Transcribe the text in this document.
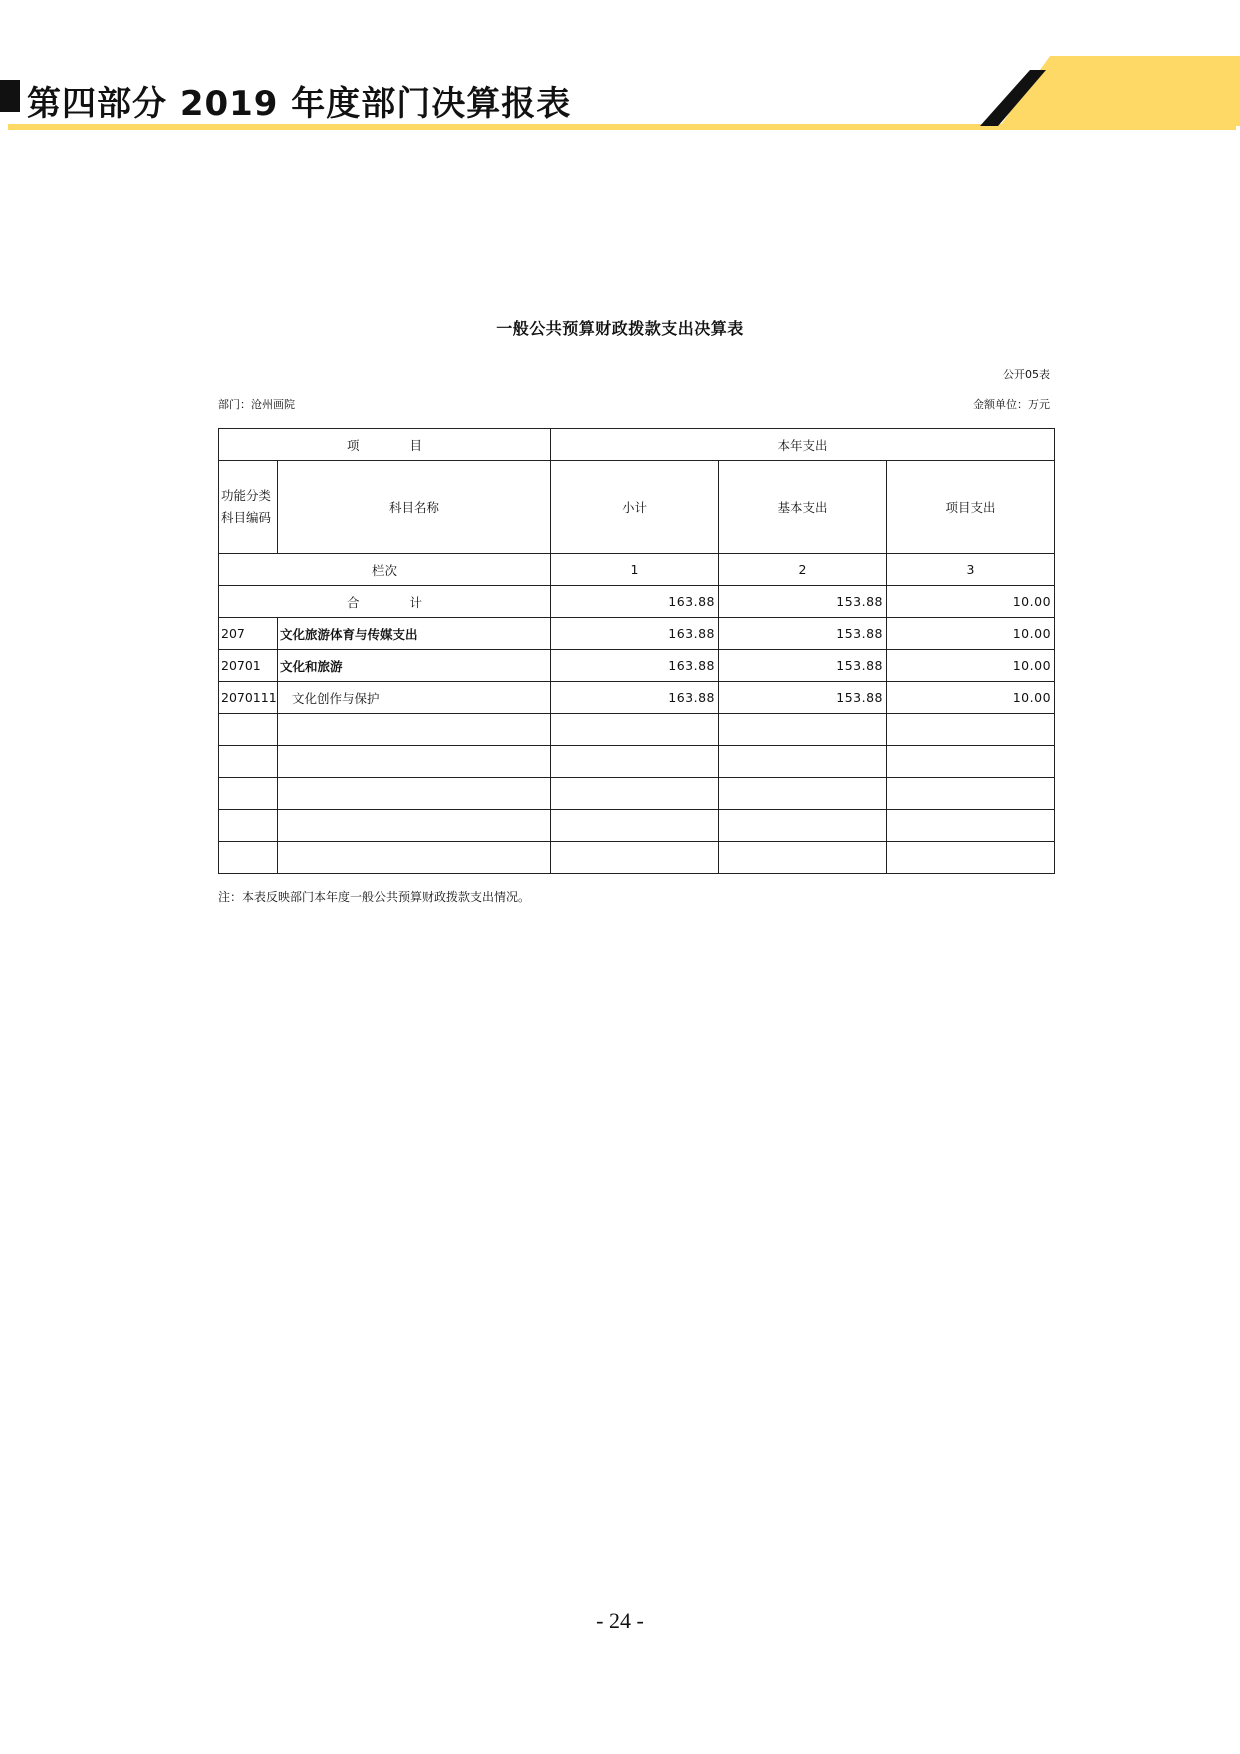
第四部分 2019 年度部门决算报表
一般公共预算财政拨款支出决算表
公开05表
部门：沧州画院	金额单位：万元
项　　　　目		本年支出		

功能分类
科目编码	科目名称	小计	基本支出	项目支出
栏次		1	2	3
合　　　　计		163.88	153.88	10.00
207	文化旅游体育与传媒支出	163.88	153.88	10.00
20701	文化和旅游	163.88	153.88	10.00
2070111	文化创作与保护	163.88	153.88	10.00

注：本表反映部门本年度一般公共预算财政拨款支出情况。
- 24 -
